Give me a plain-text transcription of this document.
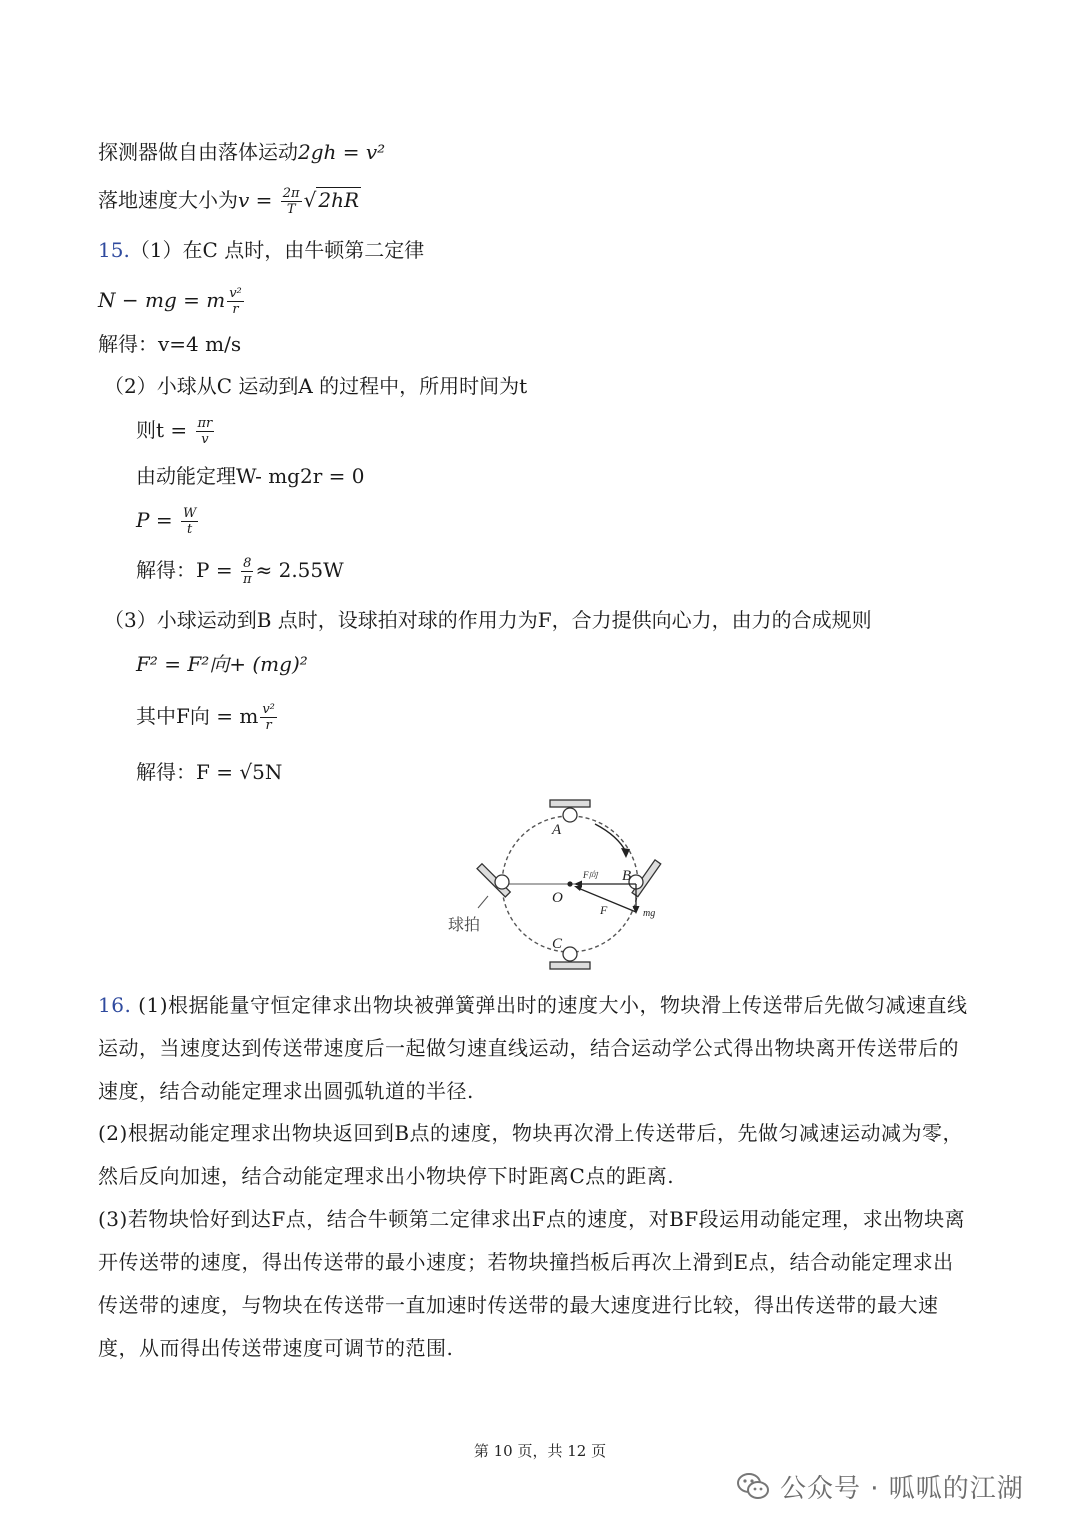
探测器做自由落体运动2gh = v²
落地速度大小为$v = \frac{2\pi}{T}$ √ 2hR
15.（1）在C 点时，由牛顿第二定律
N − mg = m $\frac{\text{v²}}{r}$
解得：v=4 m/s
（2）小球从C 运动到A 的过程中，所用时间为t
则$t = \frac{\pi r}{v}$
由动能定理W- mg2r = 0
$P = \frac{W}{t}$
解得：$P = \frac{8}{\pi} \approx 2.55W$
（3）小球运动到B 点时，设球拍对球的作用力为F，合力提供向心力，由力的合成规则
F² = F²向+ (mg)²
其中F向 = m $\frac{\text{v²}}{r}$
解得：F = √5N
A
B
C
O
F
F向
mg
球拍
16. (1)根据能量守恒定律求出物块被弹簧弹出时的速度大小，物块滑上传送带后先做匀减速直线运动，当速度达到传送带速度后一起做匀速直线运动，结合运动学公式得出物块离开传送带后的速度，结合动能定理求出圆弧轨道的半径.
(2)根据动能定理求出物块返回到B点的速度，物块再次滑上传送带后，先做匀减速运动减为零，然后反向加速，结合动能定理求出小物块停下时距离C点的距离.
(3)若物块恰好到达F点，结合牛顿第二定律求出F点的速度，对BF段运用动能定理，求出物块离开传送带的速度，得出传送带的最小速度；若物块撞挡板后再次上滑到E点，结合动能定理求出传送带的速度，与物块在传送带一直加速时传送带的最大速度进行比较，得出传送带的最大速度，从而得出传送带速度可调节的范围.
第 10 页，共 12 页
公众号 · 呱呱的江湖
